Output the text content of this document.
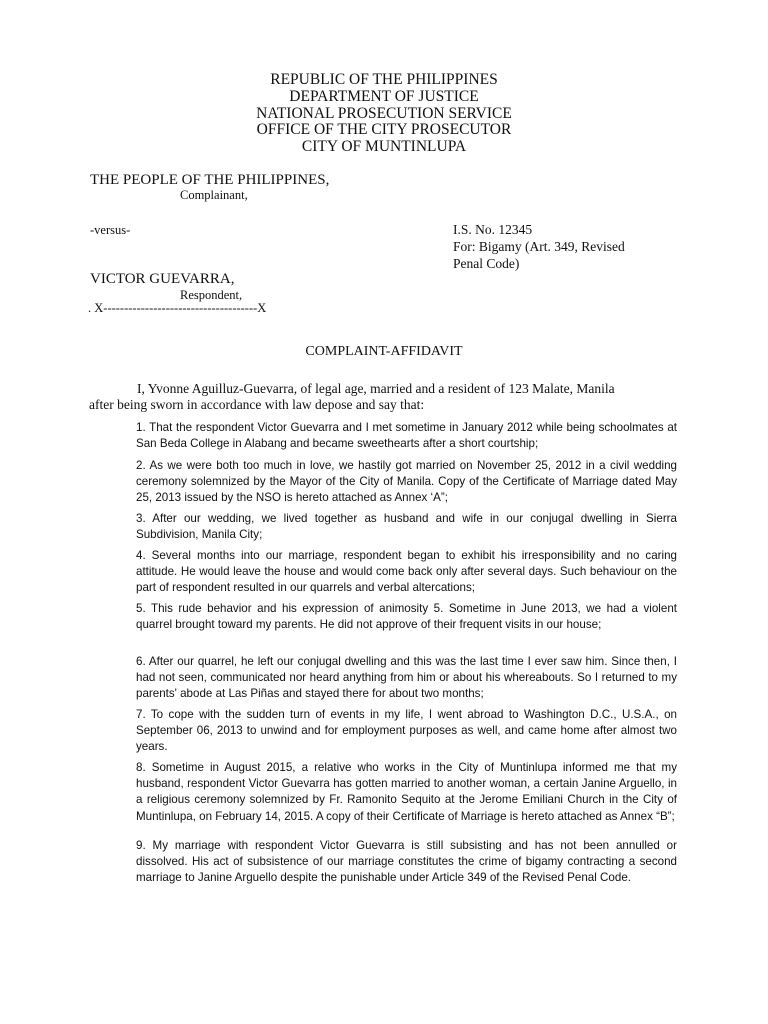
REPUBLIC OF THE PHILIPPINES
DEPARTMENT OF JUSTICE
NATIONAL PROSECUTION SERVICE
OFFICE OF THE CITY PROSECUTOR
CITY OF MUNTINLUPA
THE PEOPLE OF THE PHILIPPINES,
Complainant,
-versus-	I.S. No. 12345
For: Bigamy (Art. 349, Revised
Penal Code)
VICTOR GUEVARRA,
Respondent,
. X-------------------------------------X
COMPLAINT-AFFIDAVIT
I, Yvonne Aguilluz-Guevarra, of legal age, married and a resident of 123 Malate, Manila
after being sworn in accordance with law depose and say that:

1. That the respondent Victor Guevarra and I met sometime in January 2012 while being schoolmates at San Beda College in Alabang and became sweethearts after a short courtship;

2. As we were both too much in love, we hastily got married on November 25, 2012 in a civil wedding ceremony solemnized by the Mayor of the City of Manila. Copy of the Certificate of Marriage dated May 25, 2013 issued by the NSO is hereto attached as Annex ‘A”;

3. After our wedding, we lived together as husband and wife in our conjugal dwelling in Sierra Subdivision, Manila City;

4. Several months into our marriage, respondent began to exhibit his irresponsibility and no caring attitude. He would leave the house and would come back only after several days. Such behaviour on the part of respondent resulted in our quarrels and verbal altercations;

5. This rude behavior and his expression of animosity 5. Sometime in June 2013, we had a violent quarrel brought toward my parents. He did not approve of their frequent visits in our house;

6. After our quarrel, he left our conjugal dwelling and this was the last time I ever saw him. Since then, I had not seen, communicated nor heard anything from him or about his whereabouts. So I returned to my parents' abode at Las Piñas and stayed there for about two months;

7. To cope with the sudden turn of events in my life, I went abroad to Washington D.C., U.S.A., on September 06, 2013 to unwind and for employment purposes as well, and came home after almost two years.

8. Sometime in August 2015, a relative who works in the City of Muntinlupa informed me that my husband, respondent Victor Guevarra has gotten married to another woman, a certain Janine Arguello, in a religious ceremony solemnized by Fr. Ramonito Sequito at the Jerome Emiliani Church in the City of Muntinlupa, on February 14, 2015. A copy of their Certificate of Marriage is hereto attached as Annex “B”;

9. My marriage with respondent Victor Guevarra is still subsisting and has not been annulled or dissolved. His act of subsistence of our marriage constitutes the crime of bigamy contracting a second marriage to Janine Arguello despite the punishable under Article 349 of the Revised Penal Code.
